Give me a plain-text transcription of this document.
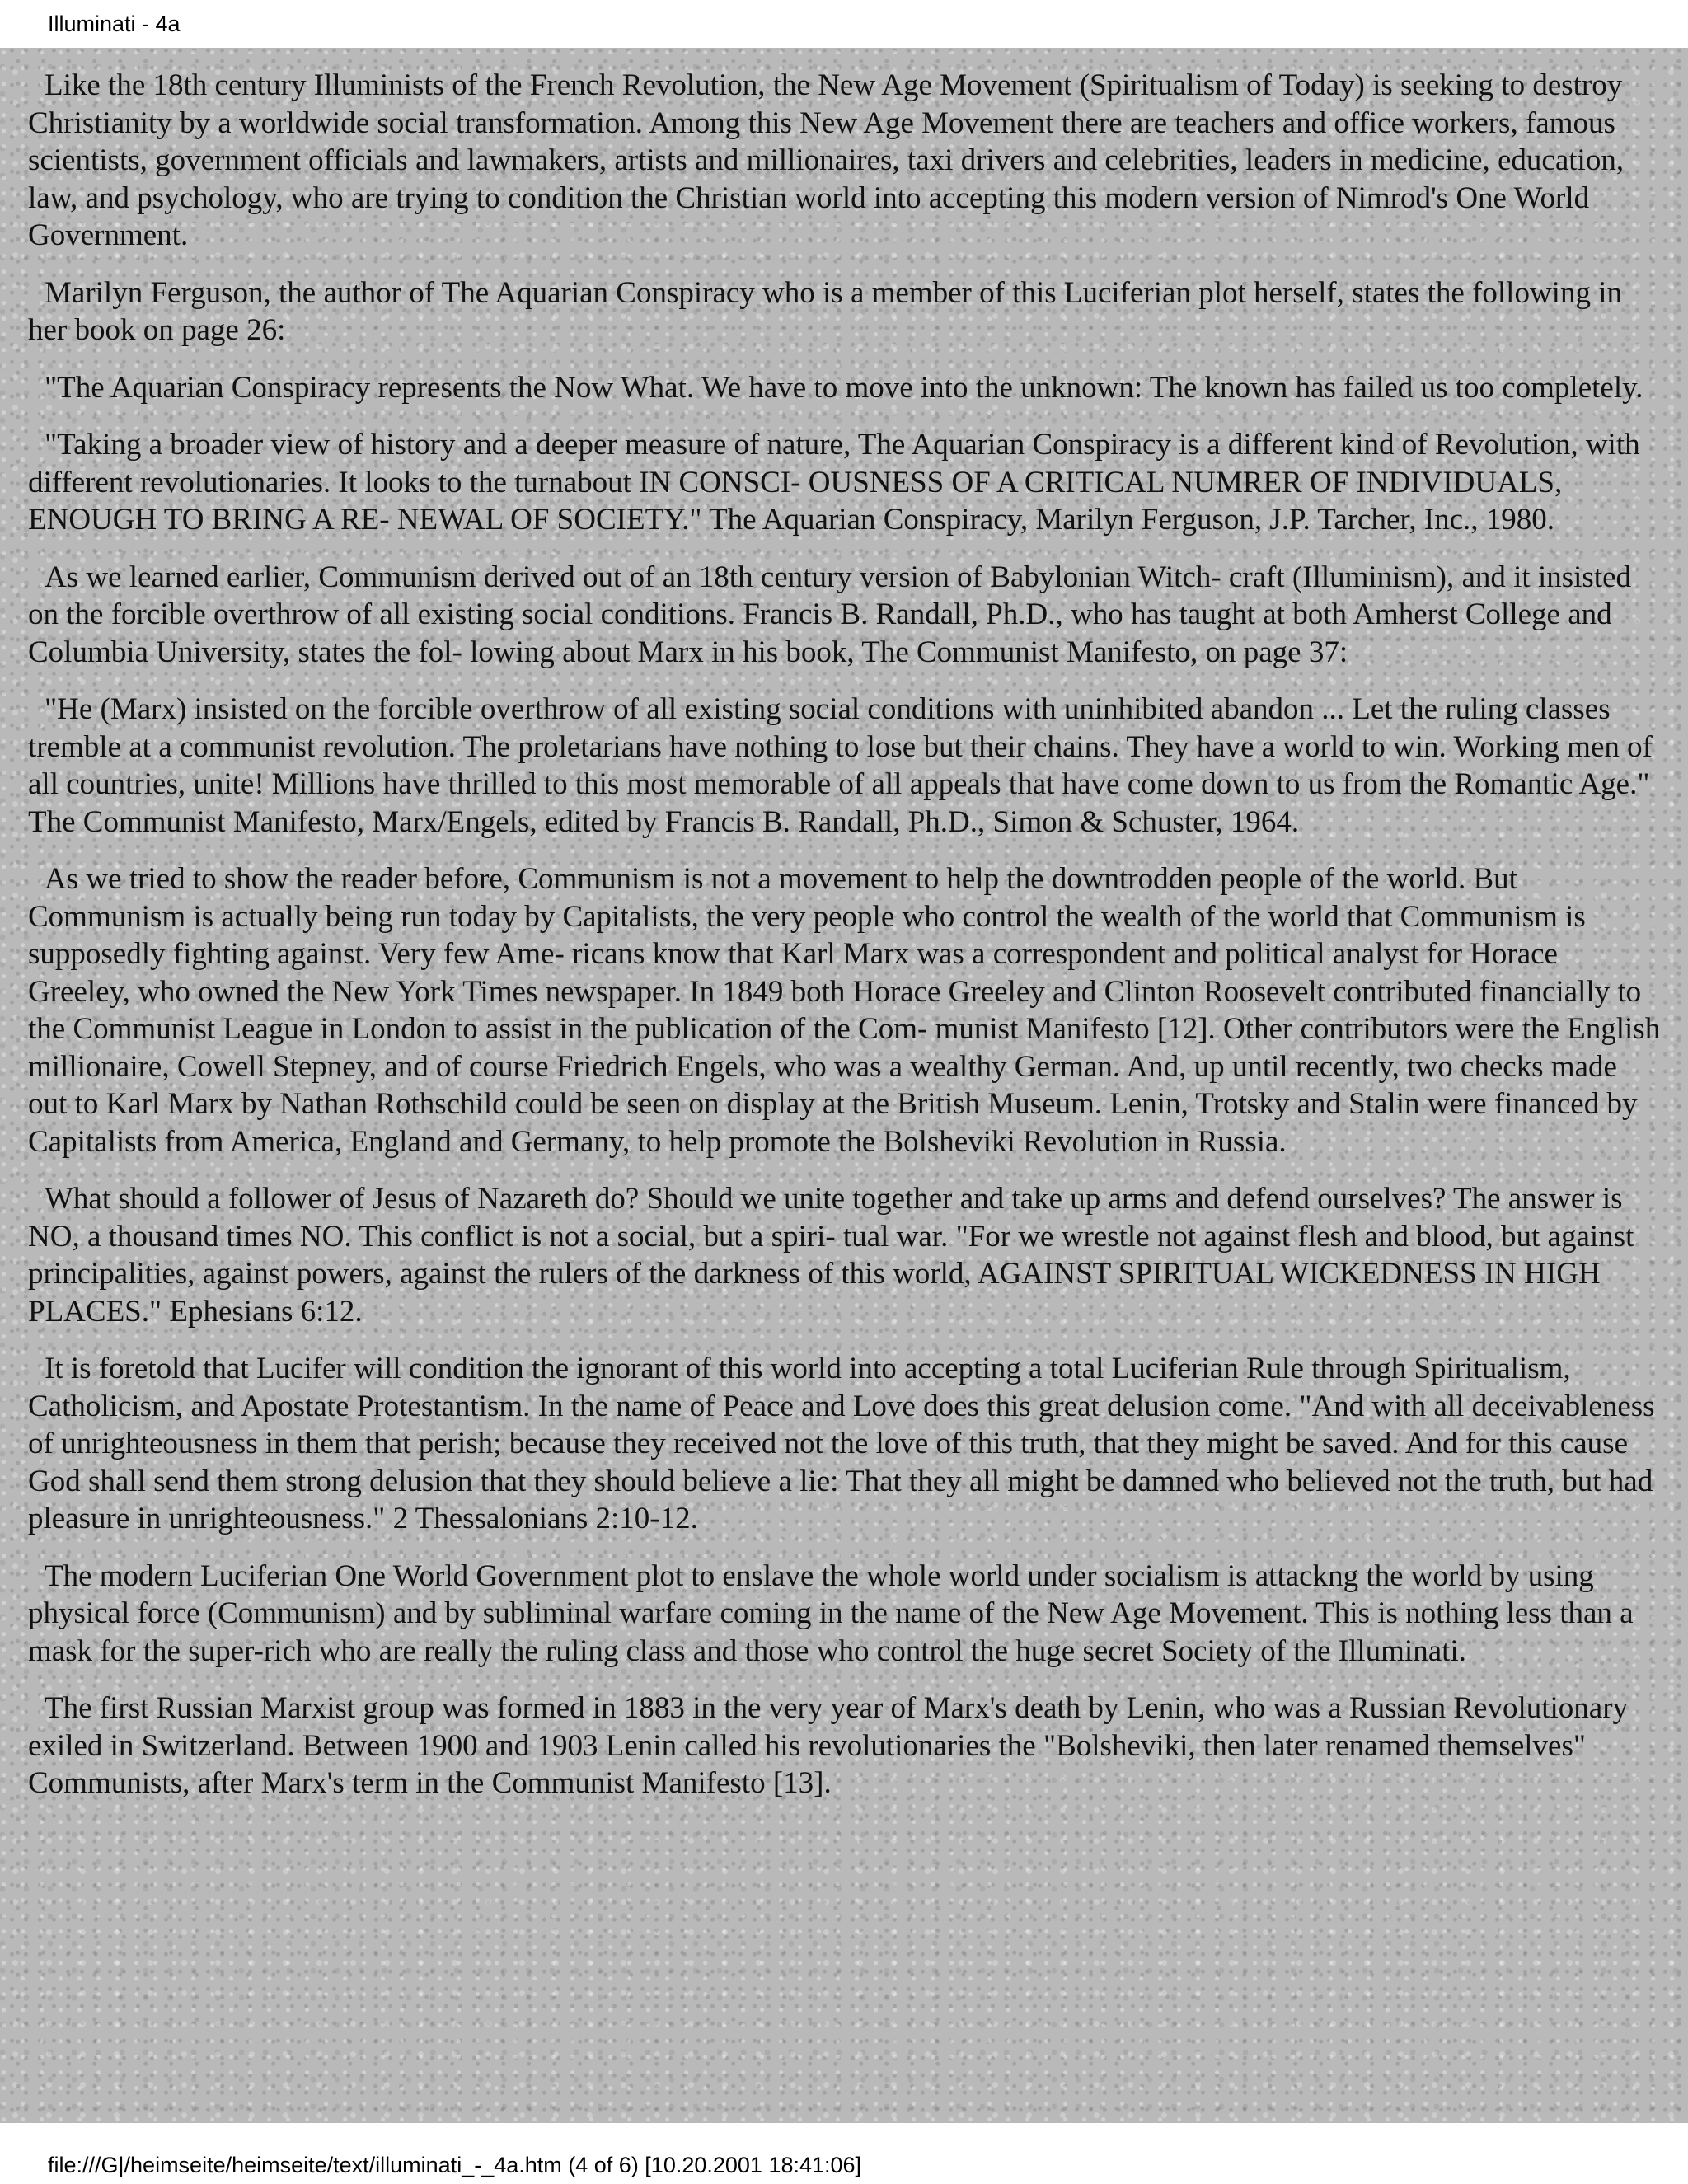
Illuminati - 4a

Like the 18th century Illuminists of the French Revolution, the New Age Movement (Spiritualism of Today) is seeking to destroy Christianity by a worldwide social transformation. Among this New Age Movement there are teachers and office workers, famous scientists, government officials and lawmakers, artists and millionaires, taxi drivers and celebrities, leaders in medicine, education, law, and psychology, who are trying to condition the Christian world into accepting this modern version of Nimrod's One World Government.

Marilyn Ferguson, the author of The Aquarian Conspiracy who is a member of this Luciferian plot herself, states the following in her book on page 26:

"The Aquarian Conspiracy represents the Now What. We have to move into the unknown: The known has failed us too completely.

"Taking a broader view of history and a deeper measure of nature, The Aquarian Conspiracy is a different kind of Revolution, with different revolutionaries. It looks to the turnabout IN CONSCI- OUSNESS OF A CRITICAL NUMRER OF INDIVIDUALS, ENOUGH TO BRING A RE- NEWAL OF SOCIETY." The Aquarian Conspiracy, Marilyn Ferguson, J.P. Tarcher, Inc., 1980.

As we learned earlier, Communism derived out of an 18th century version of Babylonian Witch- craft (Illuminism), and it insisted on the forcible overthrow of all existing social conditions. Francis B. Randall, Ph.D., who has taught at both Amherst College and Columbia University, states the fol- lowing about Marx in his book, The Communist Manifesto, on page 37:

"He (Marx) insisted on the forcible overthrow of all existing social conditions with uninhibited abandon ... Let the ruling classes tremble at a communist revolution. The proletarians have nothing to lose but their chains. They have a world to win. Working men of all countries, unite! Millions have thrilled to this most memorable of all appeals that have come down to us from the Romantic Age." The Communist Manifesto, Marx/Engels, edited by Francis B. Randall, Ph.D., Simon & Schuster, 1964.

As we tried to show the reader before, Communism is not a movement to help the downtrodden people of the world. But Communism is actually being run today by Capitalists, the very people who control the wealth of the world that Communism is supposedly fighting against. Very few Ame- ricans know that Karl Marx was a correspondent and political analyst for Horace Greeley, who owned the New York Times newspaper. In 1849 both Horace Greeley and Clinton Roosevelt contributed financially to the Communist League in London to assist in the publication of the Com- munist Manifesto [12]. Other contributors were the English millionaire, Cowell Stepney, and of course Friedrich Engels, who was a wealthy German. And, up until recently, two checks made out to Karl Marx by Nathan Rothschild could be seen on display at the British Museum. Lenin, Trotsky and Stalin were financed by Capitalists from America, England and Germany, to help promote the Bolsheviki Revolution in Russia.

What should a follower of Jesus of Nazareth do? Should we unite together and take up arms and defend ourselves? The answer is NO, a thousand times NO. This conflict is not a social, but a spiri- tual war. "For we wrestle not against flesh and blood, but against principalities, against powers, against the rulers of the darkness of this world, AGAINST SPIRITUAL WICKEDNESS IN HIGH PLACES." Ephesians 6:12.

It is foretold that Lucifer will condition the ignorant of this world into accepting a total Luciferian Rule through Spiritualism, Catholicism, and Apostate Protestantism. In the name of Peace and Love does this great delusion come. "And with all deceivableness of unrighteousness in them that perish; because they received not the love of this truth, that they might be saved. And for this cause God shall send them strong delusion that they should believe a lie: That they all might be damned who believed not the truth, but had pleasure in unrighteousness." 2 Thessalonians 2:10-12.

The modern Luciferian One World Government plot to enslave the whole world under socialism is attackng the world by using physical force (Communism) and by subliminal warfare coming in the name of the New Age Movement. This is nothing less than a mask for the super-rich who are really the ruling class and those who control the huge secret Society of the Illuminati.

The first Russian Marxist group was formed in 1883 in the very year of Marx's death by Lenin, who was a Russian Revolutionary exiled in Switzerland. Between 1900 and 1903 Lenin called his revolutionaries the "Bolsheviki, then later renamed themselves" Communists, after Marx's term in the Communist Manifesto [13].

file:///G|/heimseite/heimseite/text/illuminati_-_4a.htm (4 of 6) [10.20.2001 18:41:06]
